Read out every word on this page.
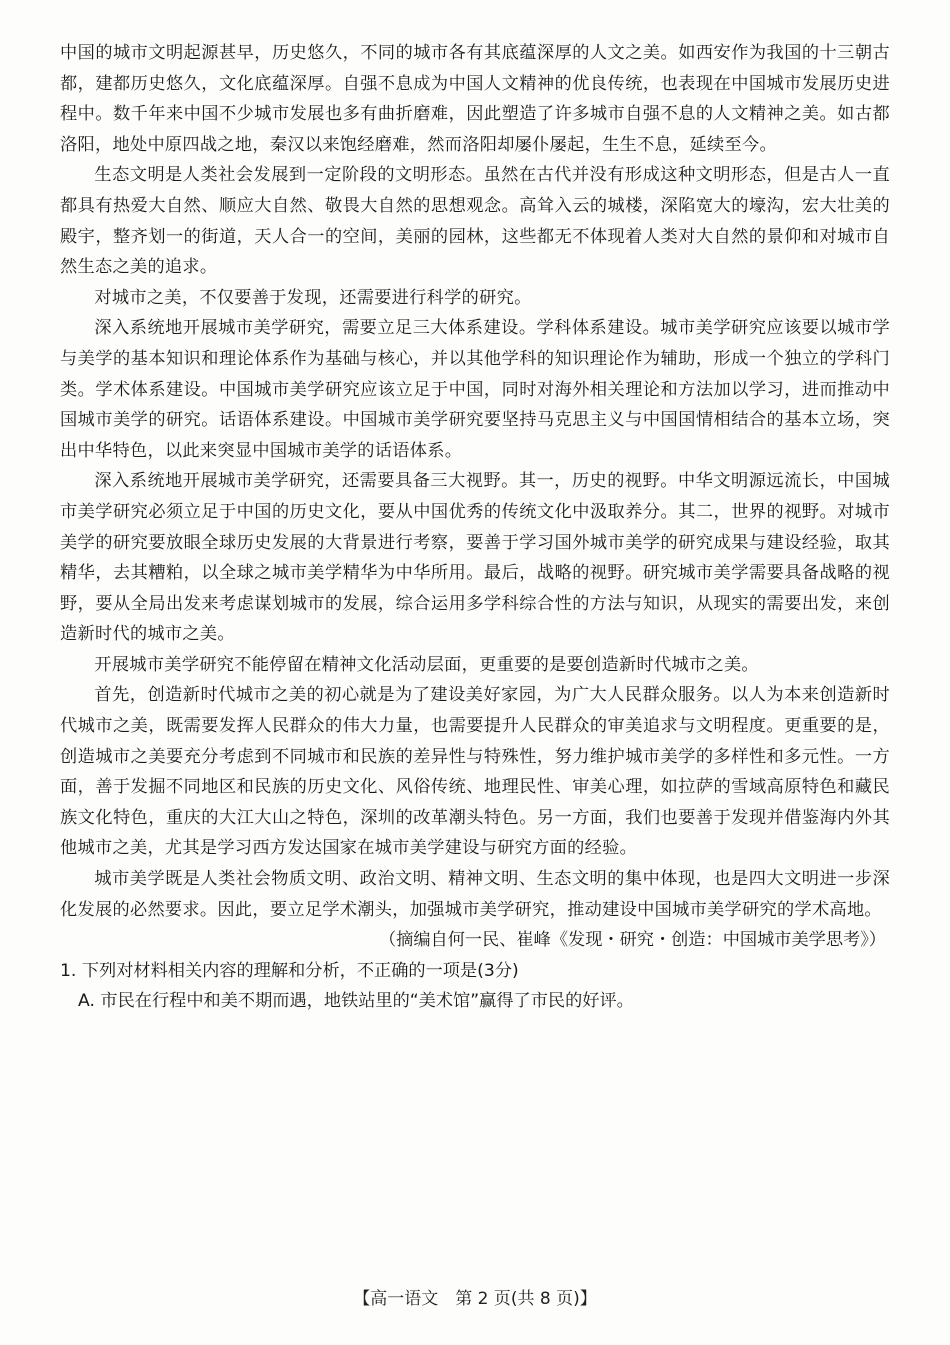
中国的城市文明起源甚早，历史悠久，不同的城市各有其底蕴深厚的人文之美。如西安作为我国的十三朝古都，建都历史悠久，文化底蕴深厚。自强不息成为中国人文精神的优良传统，也表现在中国城市发展历史进程中。数千年来中国不少城市发展也多有曲折磨难，因此塑造了许多城市自强不息的人文精神之美。如古都洛阳，地处中原四战之地，秦汉以来饱经磨难，然而洛阳却屡仆屡起，生生不息，延续至今。

生态文明是人类社会发展到一定阶段的文明形态。虽然在古代并没有形成这种文明形态，但是古人一直都具有热爱大自然、顺应大自然、敬畏大自然的思想观念。高耸入云的城楼，深陷宽大的壕沟，宏大壮美的殿宇，整齐划一的街道，天人合一的空间，美丽的园林，这些都无不体现着人类对大自然的景仰和对城市自然生态之美的追求。

对城市之美，不仅要善于发现，还需要进行科学的研究。

深入系统地开展城市美学研究，需要立足三大体系建设。学科体系建设。城市美学研究应该要以城市学与美学的基本知识和理论体系作为基础与核心，并以其他学科的知识理论作为辅助，形成一个独立的学科门类。学术体系建设。中国城市美学研究应该立足于中国，同时对海外相关理论和方法加以学习，进而推动中国城市美学的研究。话语体系建设。中国城市美学研究要坚持马克思主义与中国国情相结合的基本立场，突出中华特色，以此来突显中国城市美学的话语体系。

深入系统地开展城市美学研究，还需要具备三大视野。其一，历史的视野。中华文明源远流长，中国城市美学研究必须立足于中国的历史文化，要从中国优秀的传统文化中汲取养分。其二，世界的视野。对城市美学的研究要放眼全球历史发展的大背景进行考察，要善于学习国外城市美学的研究成果与建设经验，取其精华，去其糟粕，以全球之城市美学精华为中华所用。最后，战略的视野。研究城市美学需要具备战略的视野，要从全局出发来考虑谋划城市的发展，综合运用多学科综合性的方法与知识，从现实的需要出发，来创造新时代的城市之美。

开展城市美学研究不能停留在精神文化活动层面，更重要的是要创造新时代城市之美。

首先，创造新时代城市之美的初心就是为了建设美好家园，为广大人民群众服务。以人为本来创造新时代城市之美，既需要发挥人民群众的伟大力量，也需要提升人民群众的审美追求与文明程度。更重要的是，创造城市之美要充分考虑到不同城市和民族的差异性与特殊性，努力维护城市美学的多样性和多元性。一方面，善于发掘不同地区和民族的历史文化、风俗传统、地理民性、审美心理，如拉萨的雪域高原特色和藏民族文化特色，重庆的大江大山之特色，深圳的改革潮头特色。另一方面，我们也要善于发现并借鉴海内外其他城市之美，尤其是学习西方发达国家在城市美学建设与研究方面的经验。

城市美学既是人类社会物质文明、政治文明、精神文明、生态文明的集中体现，也是四大文明进一步深化发展的必然要求。因此，要立足学术潮头，加强城市美学研究，推动建设中国城市美学研究的学术高地。

（摘编自何一民、崔峰《发现・研究・创造：中国城市美学思考》）

1. 下列对材料相关内容的理解和分析，不正确的一项是(3分)

A. 市民在行程中和美不期而遇，地铁站里的“美术馆”赢得了市民的好评。

【高一语文　第 2 页(共 8 页)】
